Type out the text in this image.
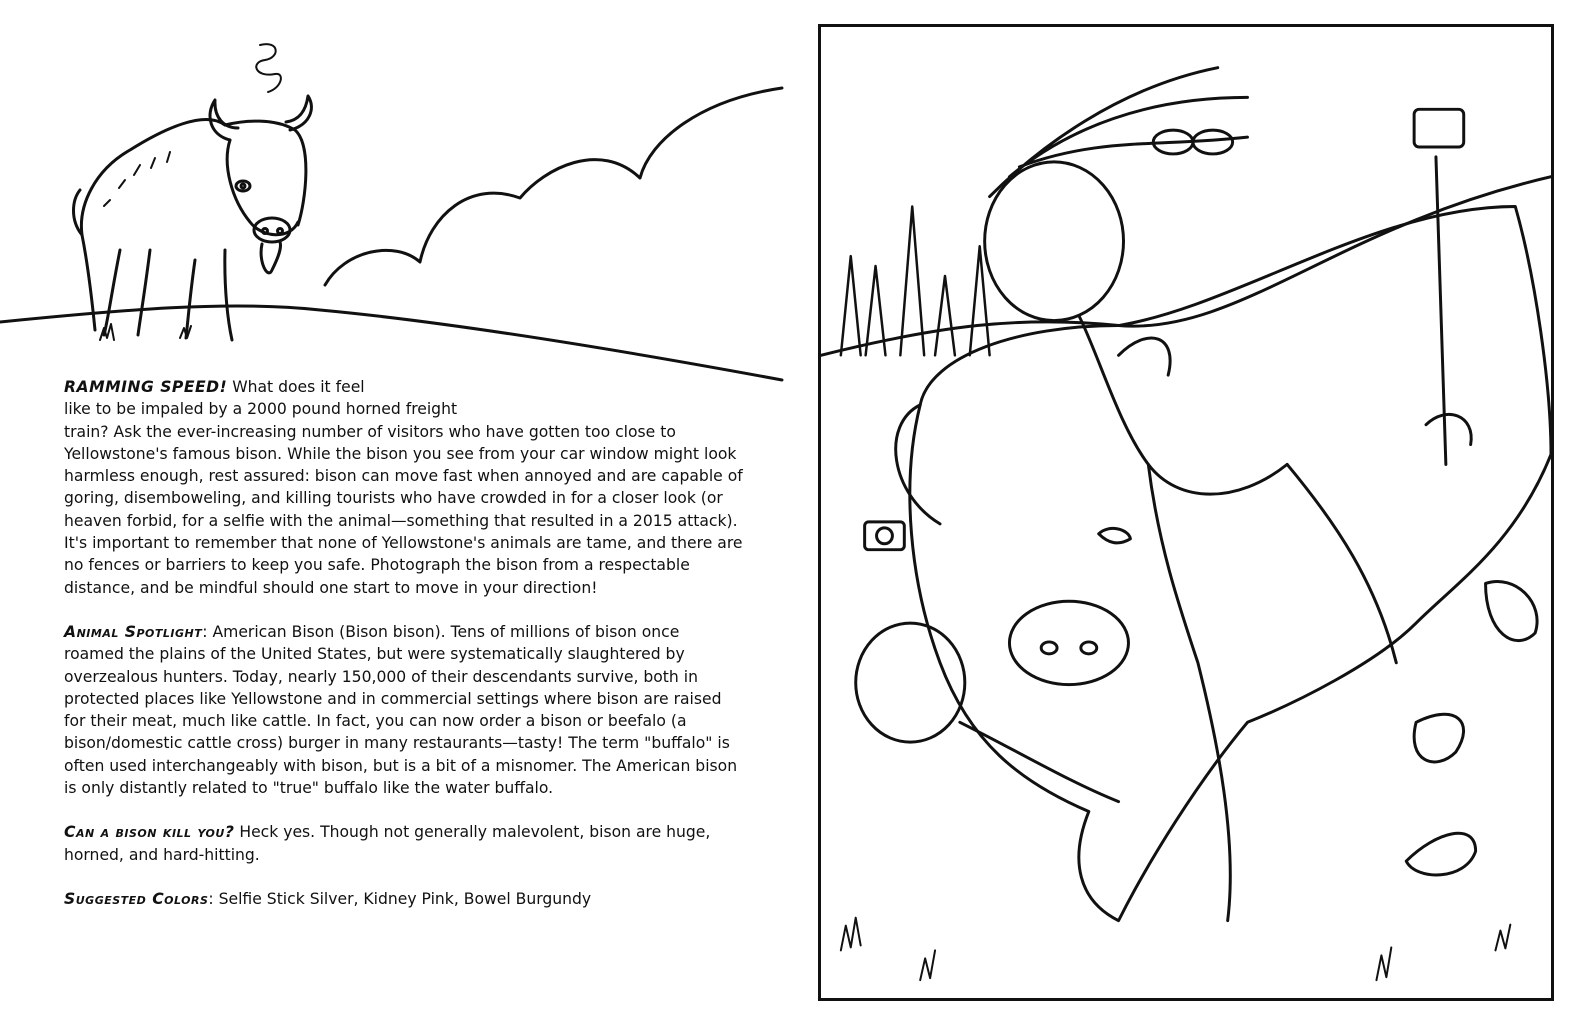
RAMMING SPEED! What does it feel
like to be impaled by a 2000 pound horned freight
train? Ask the ever-increasing number of visitors who have gotten too close to Yellowstone's famous bison. While the bison you see from your car window might look harmless enough, rest assured: bison can move fast when annoyed and are capable of goring, disemboweling, and killing tourists who have crowded in for a closer look (or heaven forbid, for a selfie with the animal—something that resulted in a 2015 attack). It's important to remember that none of Yellowstone's animals are tame, and there are no fences or barriers to keep you safe. Photograph the bison from a respectable distance, and be mindful should one start to move in your direction!

Animal Spotlight: American Bison (Bison bison). Tens of millions of bison once roamed the plains of the United States, but were systematically slaughtered by overzealous hunters. Today, nearly 150,000 of their descendants survive, both in protected places like Yellowstone and in commercial settings where bison are raised for their meat, much like cattle. In fact, you can now order a bison or beefalo (a bison/domestic cattle cross) burger in many restaurants—tasty! The term "buffalo" is often used interchangeably with bison, but is a bit of a misnomer. The American bison is only distantly related to "true" buffalo like the water buffalo.

Can a bison kill you? Heck yes. Though not generally malevolent, bison are huge, horned, and hard-hitting.

Suggested Colors: Selfie Stick Silver, Kidney Pink, Bowel Burgundy
